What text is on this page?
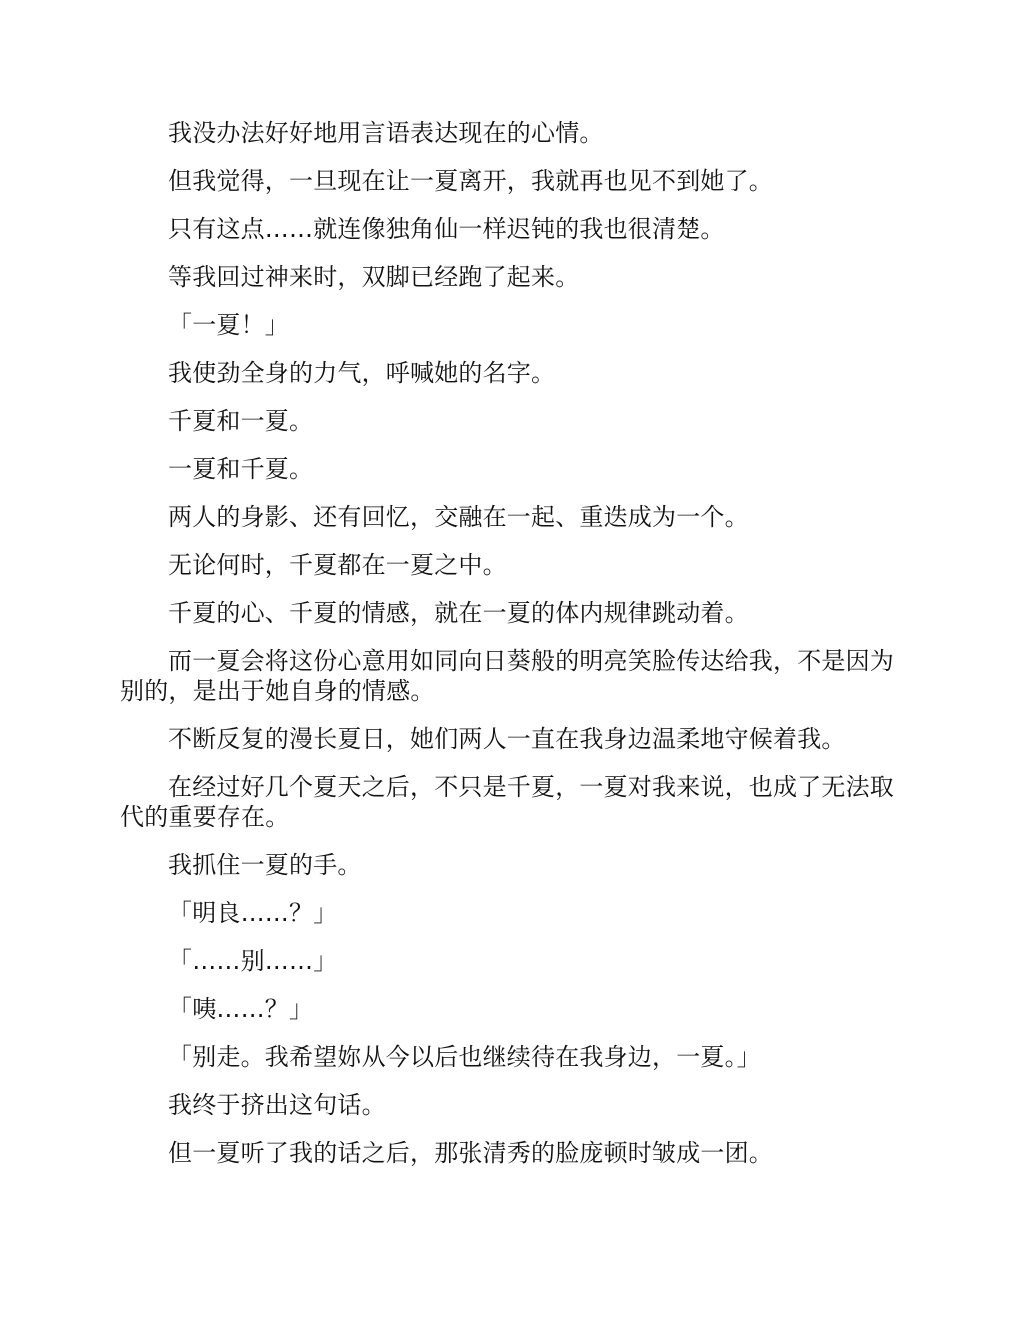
我没办法好好地用言语表达现在的心情。

但我觉得，一旦现在让一夏离开，我就再也见不到她了。

只有这点……就连像独角仙一样迟钝的我也很清楚。

等我回过神来时，双脚已经跑了起来。

「一夏！」

我使劲全身的力气，呼喊她的名字。

千夏和一夏。

一夏和千夏。

两人的身影、还有回忆，交融在一起、重迭成为一个。

无论何时，千夏都在一夏之中。

千夏的心、千夏的情感，就在一夏的体内规律跳动着。

而一夏会将这份心意用如同向日葵般的明亮笑脸传达给我，不是因为别的，是出于她自身的情感。

不断反复的漫长夏日，她们两人一直在我身边温柔地守候着我。

在经过好几个夏天之后，不只是千夏，一夏对我来说，也成了无法取代的重要存在。

我抓住一夏的手。

「明良……？」

「……别……」

「咦……？」

「别走。我希望妳从今以后也继续待在我身边，一夏。」

我终于挤出这句话。

但一夏听了我的话之后，那张清秀的脸庞顿时皱成一团。
